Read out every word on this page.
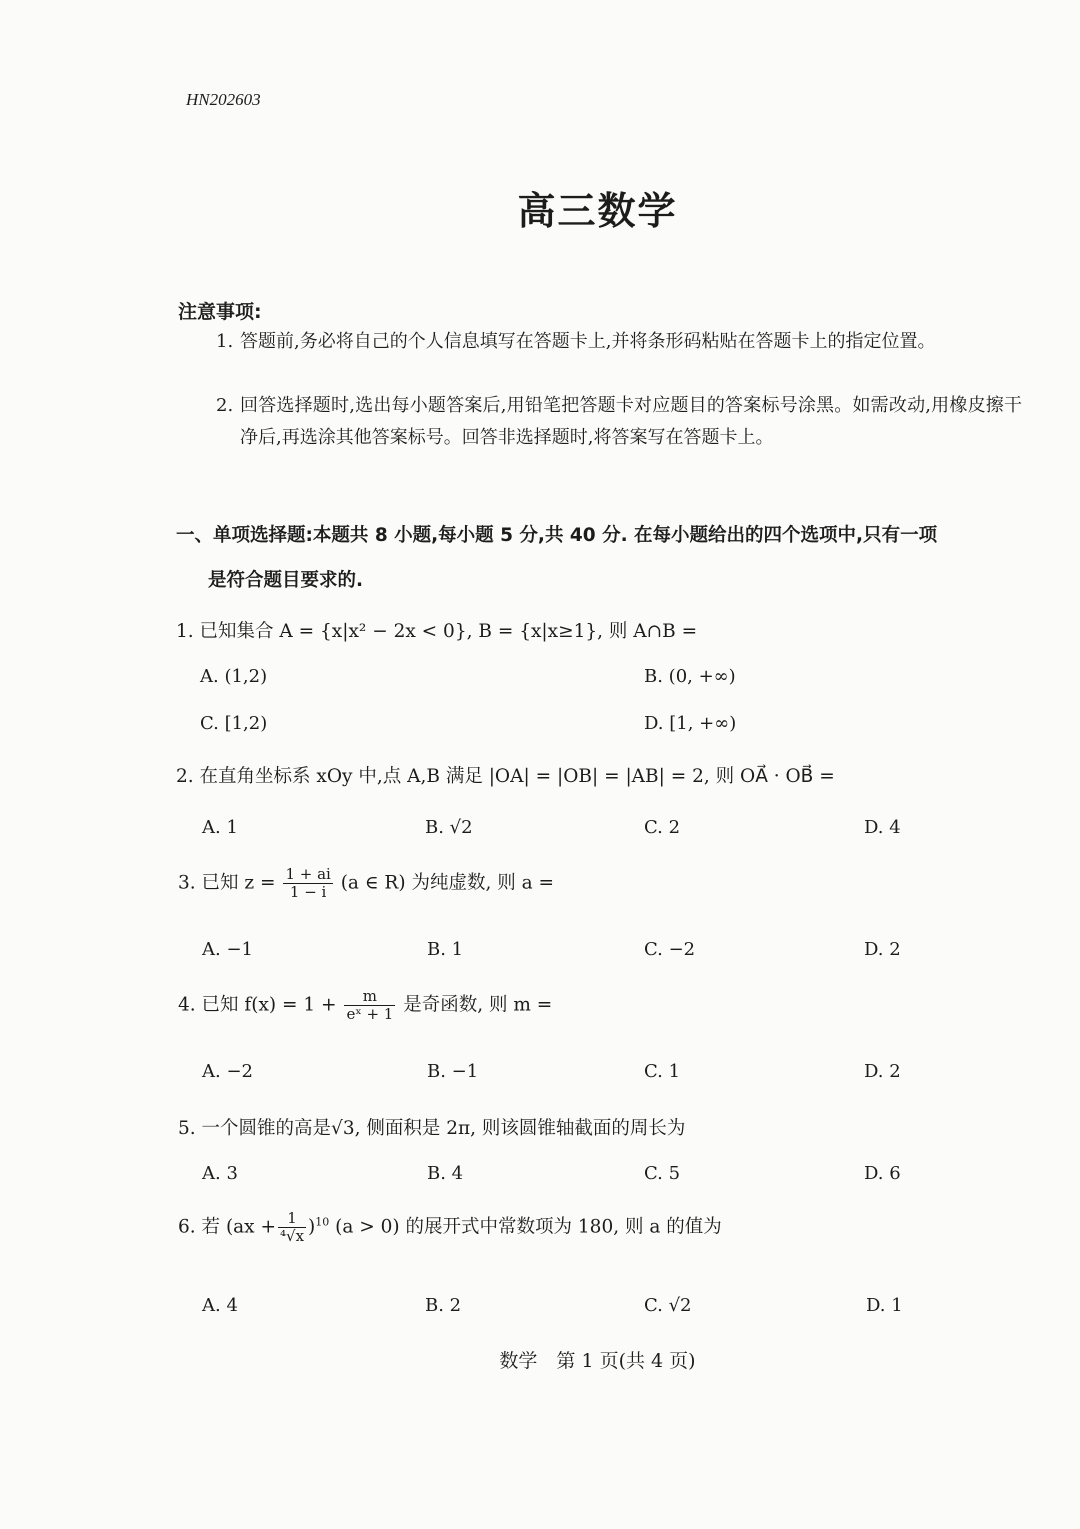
HN202603
高三数学
注意事项:
1. 答题前,务必将自己的个人信息填写在答题卡上,并将条形码粘贴在答题卡上的指定位置。
2. 回答选择题时,选出每小题答案后,用铅笔把答题卡对应题目的答案标号涂黑。如需改动,用橡皮擦干净后,再选涂其他答案标号。回答非选择题时,将答案写在答题卡上。
一、单项选择题:本题共 8 小题,每小题 5 分,共 40 分. 在每小题给出的四个选项中,只有一项
是符合题目要求的.
1. 已知集合 A = {x|x² − 2x < 0}, B = {x|x≥1}, 则 A∩B =
A. (1,2)	B. (0, +∞)
C. [1,2)	D. [1, +∞)
2. 在直角坐标系 xOy 中,点 A,B 满足 |OA| = |OB| = |AB| = 2, 则 OA⃗ · OB⃗ =
A. 1	B. √2	C. 2	D. 4
3. 已知 $z = \frac{1 + ai}{1 - i} (a$ ∈ R) 为纯虚数, 则 a =
A. −1	B. 1	C. −2	D. 2
4. 已知 $f(x) = 1 + \frac{m}{\text{eˣ + 1}}$ 是奇函数, 则 m =
A. −2	B. −1	C. 1	D. 2
5. 一个圆锥的高是√3, 侧面积是 2π, 则该圆锥轴截面的周长为
A. 3	B. 4	C. 5	D. 6
6. 若 $(ax + \frac{1}{\text{⁴√x}} )^{10}$ (a > 0) 的展开式中常数项为 180, 则 a 的值为
A. 4	B. 2	C. √2	D. 1
数学　第 1 页(共 4 页)
